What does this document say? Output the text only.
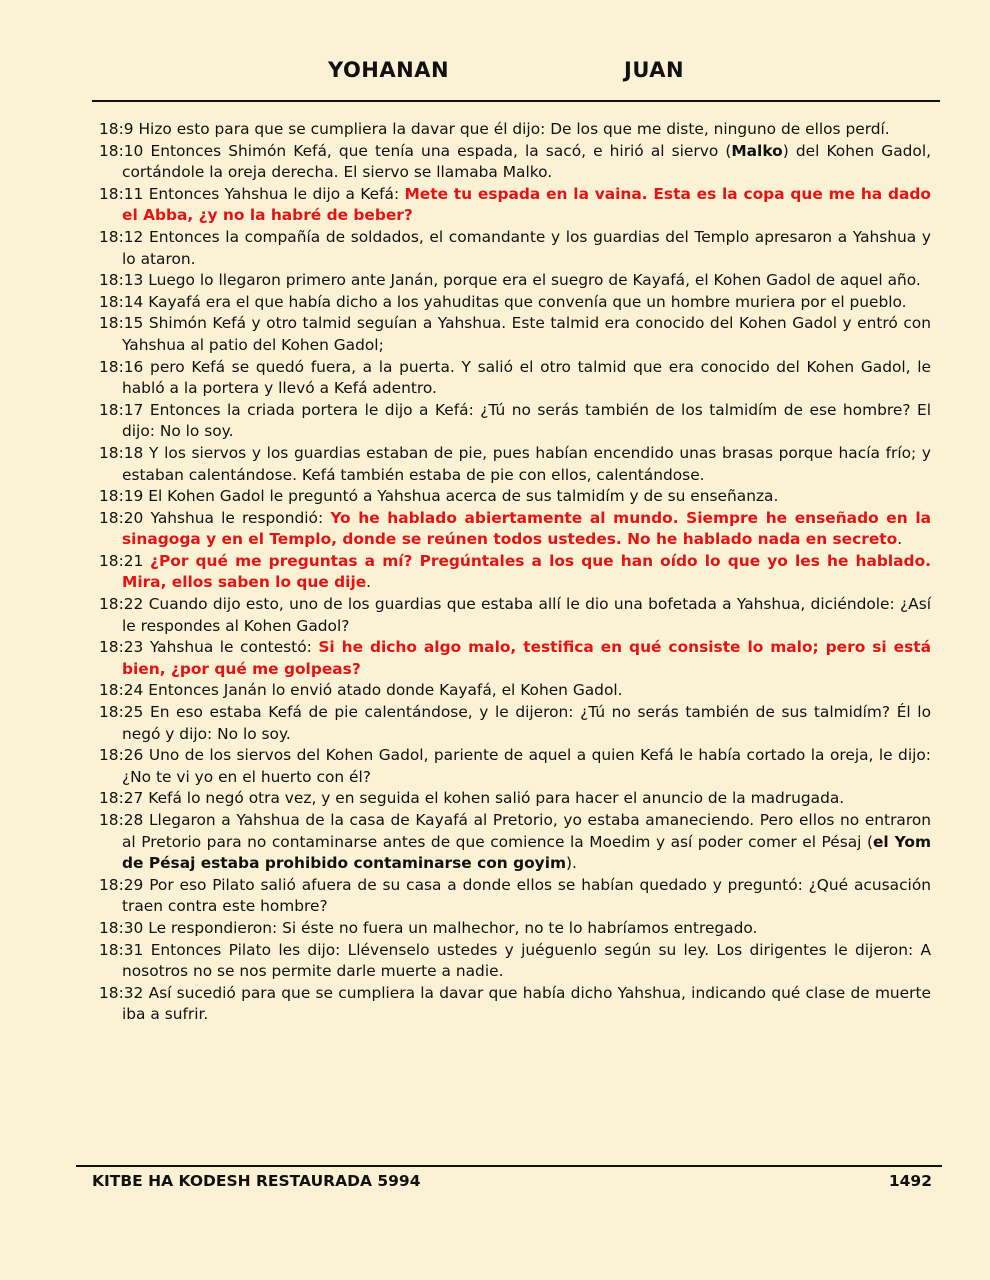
YOHANAN	JUAN

18:9 Hizo esto para que se cumpliera la davar que él dijo: De los que me diste, ninguno de ellos perdí.

18:10 Entonces Shimón Kefá, que tenía una espada, la sacó, e hirió al siervo (Malko) del Kohen Gadol, cortándole la oreja derecha. El siervo se llamaba Malko.

18:11 Entonces Yahshua le dijo a Kefá: Mete tu espada en la vaina. Esta es la copa que me ha dado el Abba, ¿y no la habré de beber?

18:12 Entonces la compañía de soldados, el comandante y los guardias del Templo apresaron a Yahshua y lo ataron.

18:13 Luego lo llegaron primero ante Janán, porque era el suegro de Kayafá, el Kohen Gadol de aquel año.

18:14 Kayafá era el que había dicho a los yahuditas que convenía que un hombre muriera por el pueblo.

18:15 Shimón Kefá y otro talmid seguían a Yahshua. Este talmid era conocido del Kohen Gadol y entró con Yahshua al patio del Kohen Gadol;

18:16 pero Kefá se quedó fuera, a la puerta. Y salió el otro talmid que era conocido del Kohen Gadol, le habló a la portera y llevó a Kefá adentro.

18:17 Entonces la criada portera le dijo a Kefá: ¿Tú no serás también de los talmidím de ese hombre? El dijo: No lo soy.

18:18 Y los siervos y los guardias estaban de pie, pues habían encendido unas brasas porque hacía frío; y estaban calentándose. Kefá también estaba de pie con ellos, calentándose.

18:19 El Kohen Gadol le preguntó a Yahshua acerca de sus talmidím y de su enseñanza.

18:20 Yahshua le respondió: Yo he hablado abiertamente al mundo. Siempre he enseñado en la sinagoga y en el Templo, donde se reúnen todos ustedes. No he hablado nada en secreto.

18:21 ¿Por qué me preguntas a mí? Pregúntales a los que han oído lo que yo les he hablado. Mira, ellos saben lo que dije.

18:22 Cuando dijo esto, uno de los guardias que estaba allí le dio una bofetada a Yahshua, diciéndole: ¿Así le respondes al Kohen Gadol?

18:23 Yahshua le contestó: Si he dicho algo malo, testifica en qué consiste lo malo; pero si está bien, ¿por qué me golpeas?

18:24 Entonces Janán lo envió atado donde Kayafá, el Kohen Gadol.

18:25 En eso estaba Kefá de pie calentándose, y le dijeron: ¿Tú no serás también de sus talmidím? Él lo negó y dijo: No lo soy.

18:26 Uno de los siervos del Kohen Gadol, pariente de aquel a quien Kefá le había cortado la oreja, le dijo: ¿No te vi yo en el huerto con él?

18:27 Kefá lo negó otra vez, y en seguida el kohen salió para hacer el anuncio de la madrugada.

18:28 Llegaron a Yahshua de la casa de Kayafá al Pretorio, yo estaba amaneciendo. Pero ellos no entraron al Pretorio para no contaminarse antes de que comience la Moedim y así poder comer el Pésaj (el Yom de Pésaj estaba prohibido contaminarse con goyim).

18:29 Por eso Pilato salió afuera de su casa a donde ellos se habían quedado y preguntó: ¿Qué acusación traen contra este hombre?

18:30 Le respondieron: Si éste no fuera un malhechor, no te lo habríamos entregado.

18:31 Entonces Pilato les dijo: Llévenselo ustedes y juéguenlo según su ley. Los dirigentes le dijeron: A nosotros no se nos permite darle muerte a nadie.

18:32 Así sucedió para que se cumpliera la davar que había dicho Yahshua, indicando qué clase de muerte iba a sufrir.

KITBE HA KODESH RESTAURADA 5994	1492
